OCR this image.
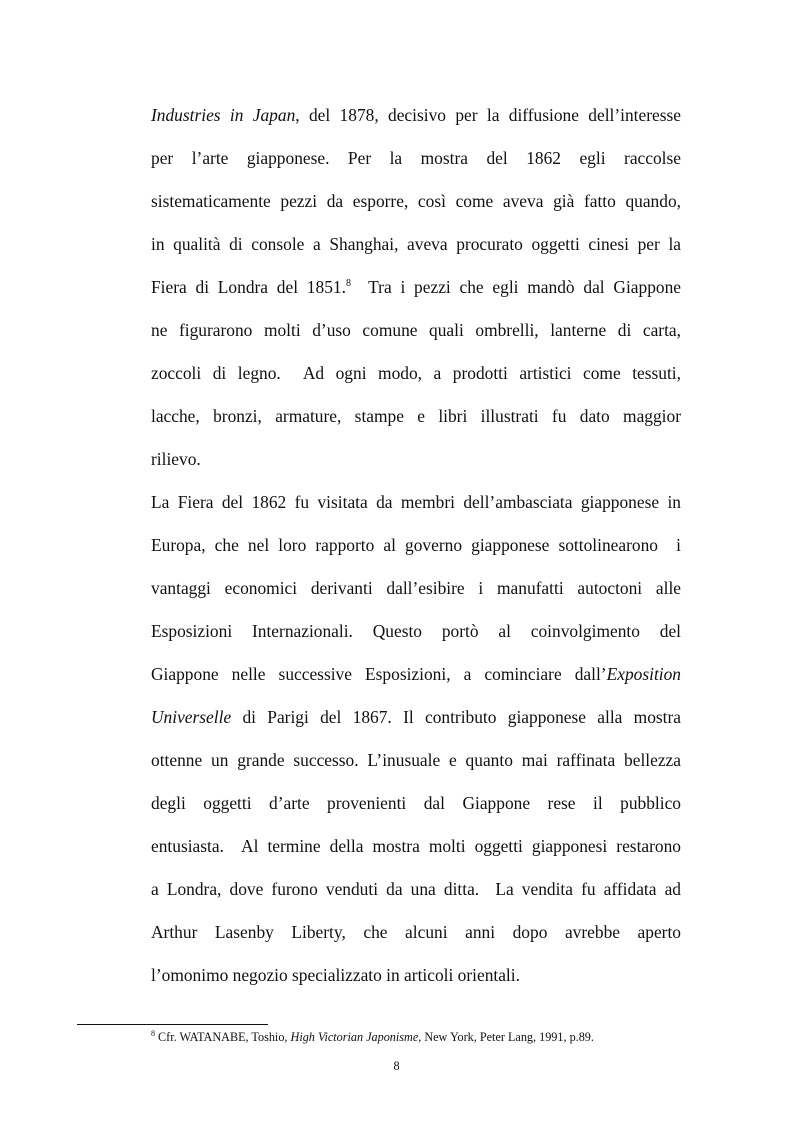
Industries in Japan, del 1878, decisivo per la diffusione dell’interesse
per l’arte giapponese. Per la mostra del 1862 egli raccolse
sistematicamente pezzi da esporre, così come aveva già fatto quando,
in qualità di console a Shanghai, aveva procurato oggetti cinesi per la
Fiera di Londra del 1851.$^8$  Tra i pezzi che egli mandò dal Giappone
ne figurarono molti d’uso comune quali ombrelli, lanterne di carta,
zoccoli di legno.  Ad ogni modo, a prodotti artistici come tessuti,
lacche, bronzi, armature, stampe e libri illustrati fu dato maggior
rilievo.
La Fiera del 1862 fu visitata da membri dell’ambasciata giapponese in
Europa, che nel loro rapporto al governo giapponese sottolinearono  i
vantaggi economici derivanti dall’esibire i manufatti autoctoni alle
Esposizioni Internazionali. Questo portò al coinvolgimento del
Giappone nelle successive Esposizioni, a cominciare dall’Exposition
Universelle di Parigi del 1867. Il contributo giapponese alla mostra
ottenne un grande successo. L’inusuale e quanto mai raffinata bellezza
degli oggetti d’arte provenienti dal Giappone rese il pubblico
entusiasta.  Al termine della mostra molti oggetti giapponesi restarono
a Londra, dove furono venduti da una ditta.  La vendita fu affidata ad
Arthur Lasenby Liberty, che alcuni anni dopo avrebbe aperto
l’omonimo negozio specializzato in articoli orientali.
$^8$ Cfr. WATANABE, Toshio, High Victorian Japonisme, New York, Peter Lang, 1991, p.89.
8
